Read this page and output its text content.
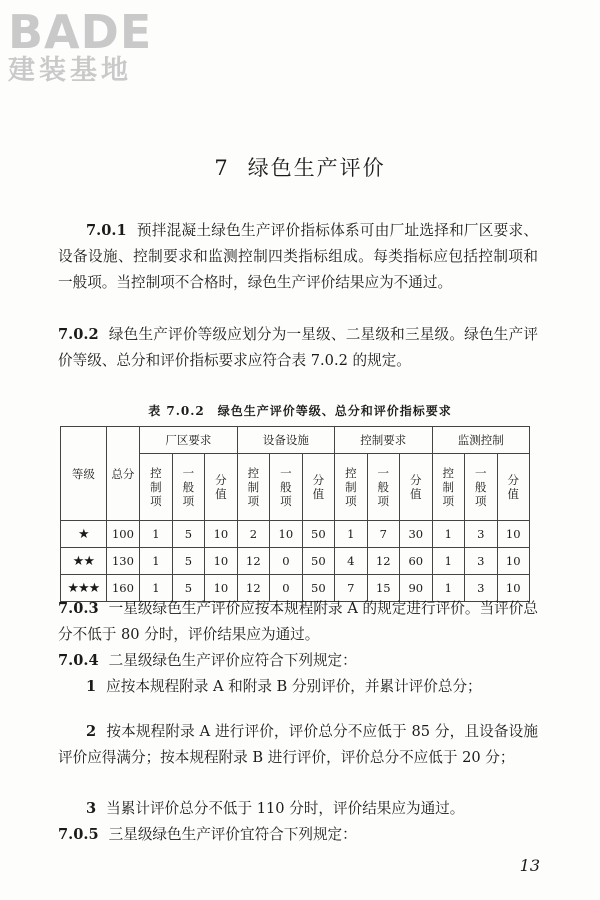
BADE
建装基地
7 绿色生产评价
7.0.1 预拌混凝土绿色生产评价指标体系可由厂址选择和厂区要求、设备设施、控制要求和监测控制四类指标组成。每类指标应包括控制项和一般项。当控制项不合格时，绿色生产评价结果应为不通过。
7.0.2 绿色生产评价等级应划分为一星级、二星级和三星级。绿色生产评价等级、总分和评价指标要求应符合表 7.0.2 的规定。
表 7.0.2　绿色生产评价等级、总分和评价指标要求
等级	总分	厂区要求			设备设施			控制要求			监测控制		
		控制项	一般项	分值	控制项	一般项	分值	控制项	一般项	分值	控制项	一般项	分值
★	100	1	5	10	2	10	50	1	7	30	1	3	10
★★	130	1	5	10	12	0	50	4	12	60	1	3	10
★★★	160	1	5	10	12	0	50	7	15	90	1	3	10
7.0.3 一星级绿色生产评价应按本规程附录 A 的规定进行评价。当评价总分不低于 80 分时，评价结果应为通过。
7.0.4 二星级绿色生产评价应符合下列规定：
1 应按本规程附录 A 和附录 B 分别评价，并累计评价总分；
2 按本规程附录 A 进行评价，评价总分不应低于 85 分，且设备设施评价应得满分；按本规程附录 B 进行评价，评价总分不应低于 20 分；
3 当累计评价总分不低于 110 分时，评价结果应为通过。
7.0.5 三星级绿色生产评价宜符合下列规定：
13
